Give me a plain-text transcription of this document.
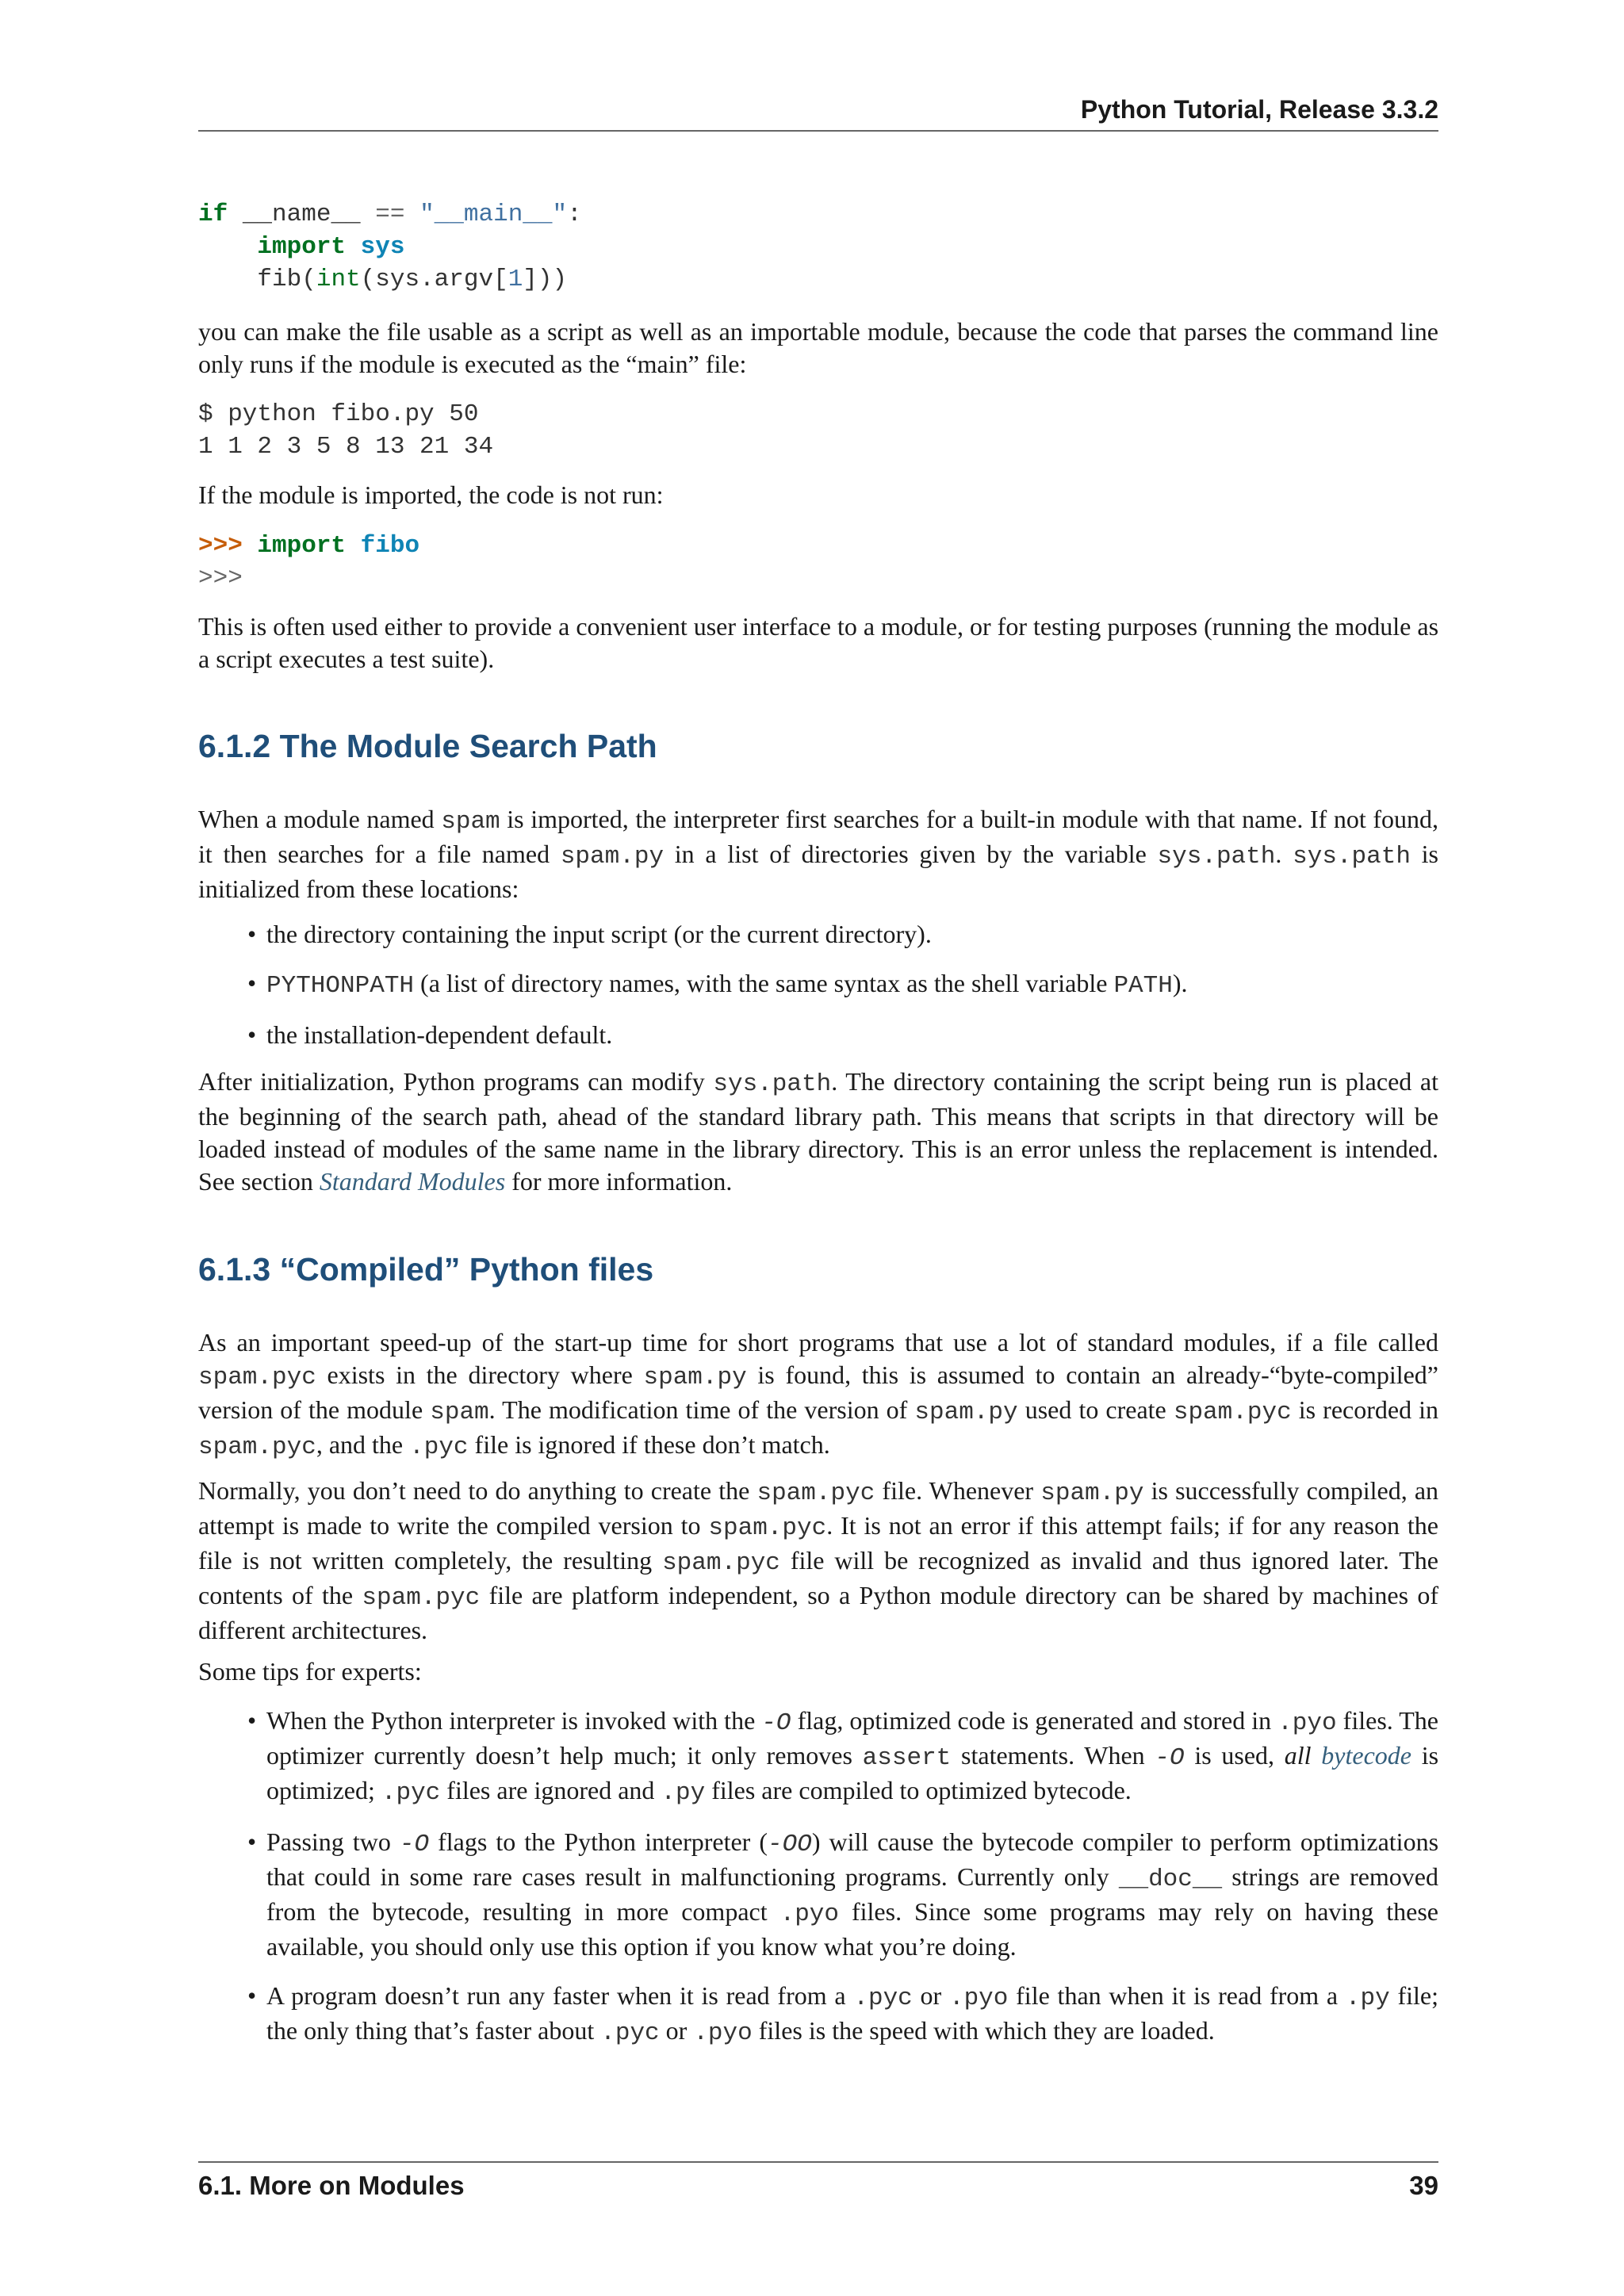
Python Tutorial, Release 3.3.2
if __name__ == "__main__":
import sys
fib(int(sys.argv[1]))

you can make the file usable as a script as well as an importable module, because the code that parses the command line only runs if the module is executed as the “main” file:

$ python fibo.py 50
1 1 2 3 5 8 13 21 34

If the module is imported, the code is not run:

>>> import fibo
>>>

This is often used either to provide a convenient user interface to a module, or for testing purposes (running the module as a script executes a test suite).

6.1.2 The Module Search Path

When a module named spam is imported, the interpreter first searches for a built-in module with that name. If not found, it then searches for a file named spam.py in a list of directories given by the variable sys.path. sys.path is initialized from these locations:

• the directory containing the input script (or the current directory).
• PYTHONPATH (a list of directory names, with the same syntax as the shell variable PATH).
• the installation-dependent default.

After initialization, Python programs can modify sys.path. The directory containing the script being run is placed at the beginning of the search path, ahead of the standard library path. This means that scripts in that directory will be loaded instead of modules of the same name in the library directory. This is an error unless the replacement is intended. See section Standard Modules for more information.

6.1.3 “Compiled” Python files

As an important speed-up of the start-up time for short programs that use a lot of standard modules, if a file called spam.pyc exists in the directory where spam.py is found, this is assumed to contain an already-“byte-compiled” version of the module spam. The modification time of the version of spam.py used to create spam.pyc is recorded in spam.pyc, and the .pyc file is ignored if these don’t match.

Normally, you don’t need to do anything to create the spam.pyc file. Whenever spam.py is successfully compiled, an attempt is made to write the compiled version to spam.pyc. It is not an error if this attempt fails; if for any reason the file is not written completely, the resulting spam.pyc file will be recognized as invalid and thus ignored later. The contents of the spam.pyc file are platform independent, so a Python module directory can be shared by machines of different architectures.

Some tips for experts:

• When the Python interpreter is invoked with the -O flag, optimized code is generated and stored in .pyo files. The optimizer currently doesn’t help much; it only removes assert statements. When -O is used, all bytecode is optimized; .pyc files are ignored and .py files are compiled to optimized bytecode.
• Passing two -O flags to the Python interpreter (-OO) will cause the bytecode compiler to perform optimizations that could in some rare cases result in malfunctioning programs. Currently only __doc__ strings are removed from the bytecode, resulting in more compact .pyo files. Since some programs may rely on having these available, you should only use this option if you know what you’re doing.
• A program doesn’t run any faster when it is read from a .pyc or .pyo file than when it is read from a .py file; the only thing that’s faster about .pyc or .pyo files is the speed with which they are loaded.
6.1. More on Modules	39
